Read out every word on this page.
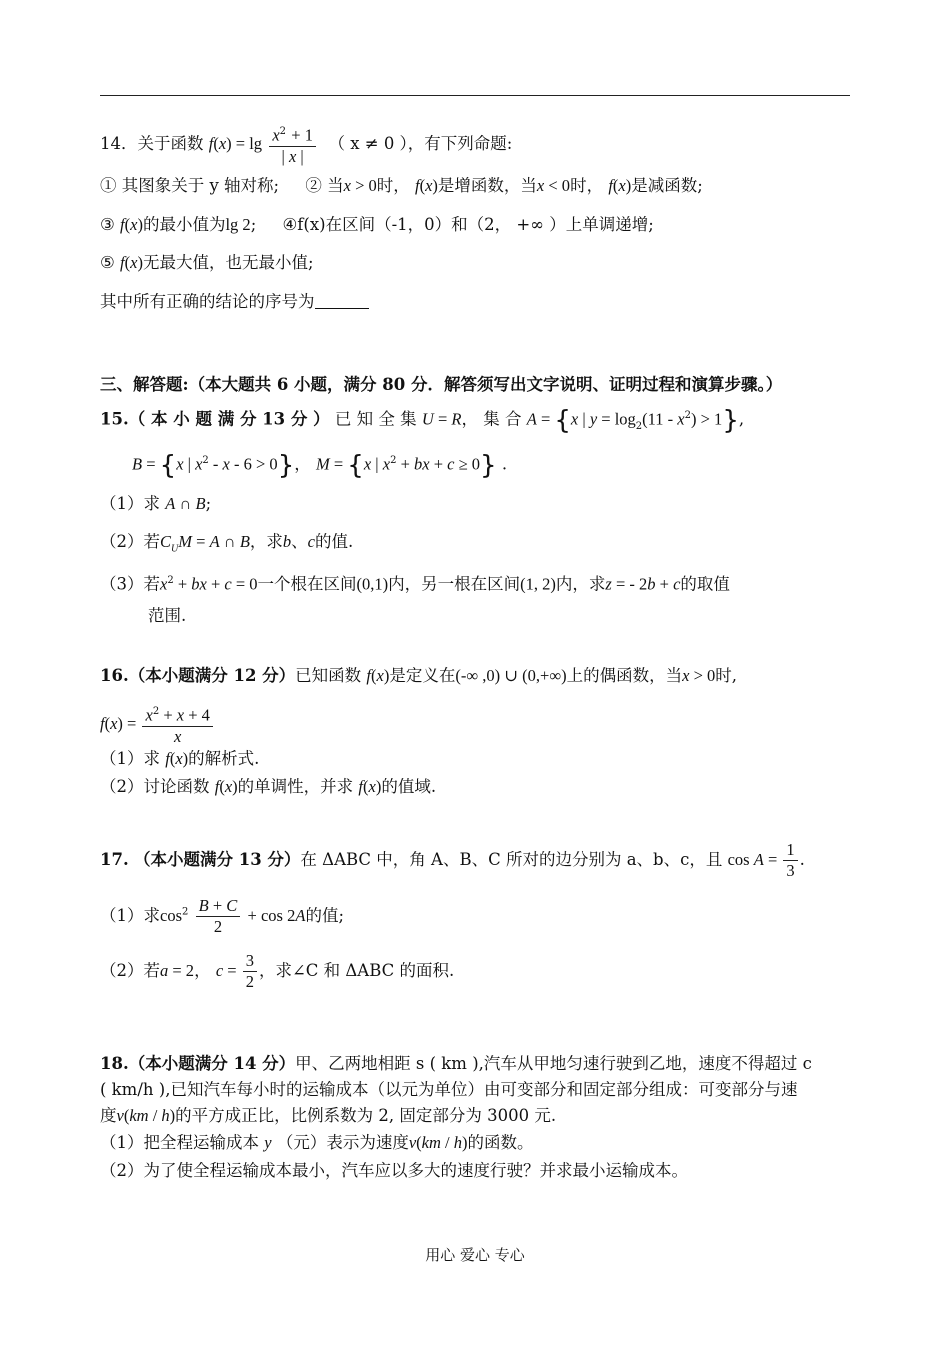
14．关于函数 $f(x) = \lg \frac{x^2 + 1}{| x |}$ （ x ≠ 0 ），有下列命题:
① 其图象关于 y 轴对称; ② 当x > 0时， f(x)是增函数，当x < 0时， f(x)是减函数;
③ f(x)的最小值为lg 2;     ④f(x)在区间（-1，0）和（2， +∞ ）上单调递增;
⑤ f(x)无最大值，也无最小值;
其中所有正确的结论的序号为
三、解答题:（本大题共 6 小题，满分 80 分．解答须写出文字说明、证明过程和演算步骤。）
15.（ 本 小 题 满 分 13 分 ） 已 知 全 集 U = R， 集 合 A = {x | $y = \log_2(11 - x^2) > 1$},
B = {x | $x^2 - x - 6 > 0$}， M = {x | $x^2$ + bx + c ≥ 0} .
（1）求 A ∩ B;
（2）若$C_UM = A$ ∩ B，求b、c的值.
（3）若$x^2$ + bx + c = 0一个根在区间(0,1)内，另一根在区间(1, 2)内，求z = - 2b + c的取值
范围.
16.（本小题满分 12 分）已知函数 f(x)是定义在(-∞ ,0) ∪ (0,+∞)上的偶函数，当x > 0时,
$f(x) = \frac{x^2 + x + 4}{x}$
（1）求 f(x)的解析式.
（2）讨论函数 f(x)的单调性，并求 f(x)的值域.
17. （本小题满分 13 分）在 ΔABC 中，角 A、B、C 所对的边分别为 a、b、c，且 $\cos A = \frac{1}{3}$ .
（1）求$\cos^2 \frac{B + C}{2} + \cos 2A$的值;
（2）若a = 2， $c = \frac{3}{2}$ ，求∠C 和 ΔABC 的面积.
18.（本小题满分 14 分）甲、乙两地相距 s ( km ),汽车从甲地匀速行驶到乙地，速度不得超过 c
( km/h ),已知汽车每小时的运输成本（以元为单位）由可变部分和固定部分组成：可变部分与速
度v(km / h)的平方成正比，比例系数为 2, 固定部分为 3000 元.
（1）把全程运输成本 y （元）表示为速度v(km / h)的函数。
（2）为了使全程运输成本最小，汽车应以多大的速度行驶？并求最小运输成本。
用心 爱心 专心
